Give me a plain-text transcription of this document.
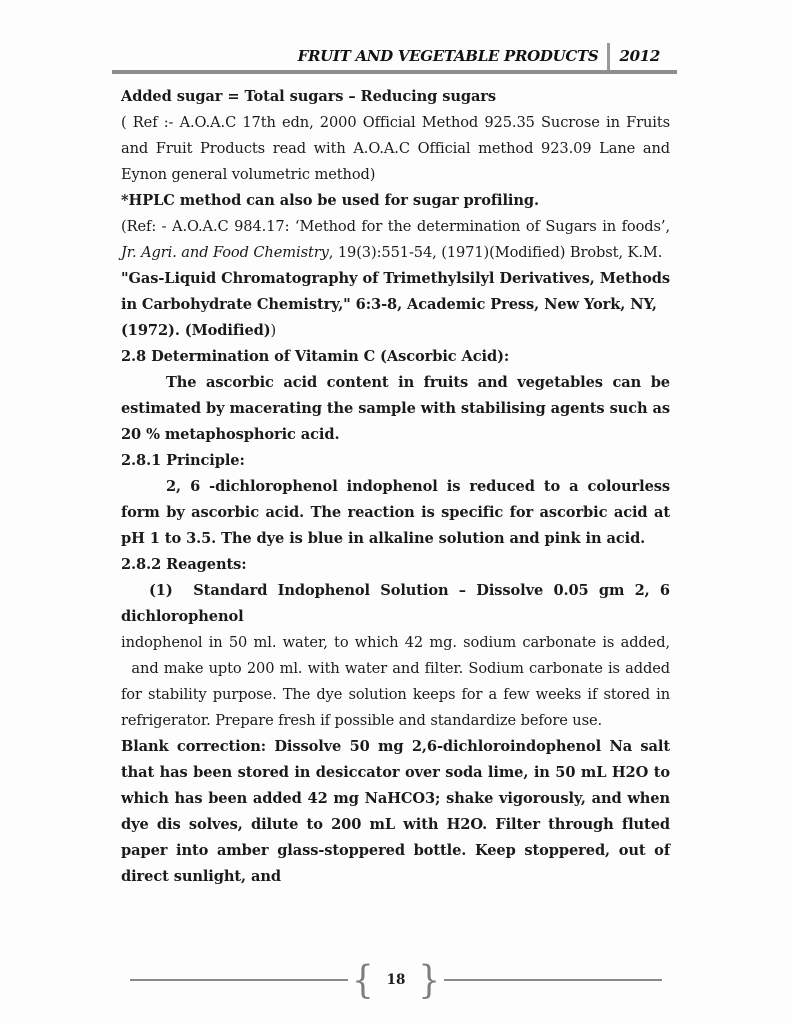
FRUIT AND VEGETABLE PRODUCTS 2012

Added sugar = Total sugars – Reducing sugars

( Ref :- A.O.A.C 17th edn, 2000 Official Method 925.35 Sucrose in Fruits and Fruit Products read with A.O.A.C Official method 923.09 Lane and Eynon general volumetric method)

*HPLC method can also be used for sugar profiling.

(Ref: - A.O.A.C 984.17: ‘Method for the determination of Sugars in foods’, Jr. Agri. and Food Chemistry, 19(3):551-54, (1971)(Modified) Brobst, K.M.

"Gas-Liquid Chromatography of Trimethylsilyl Derivatives, Methods in Carbohydrate Chemistry," 6:3-8, Academic Press, New York, NY,

(1972). (Modified))

2.8 Determination of Vitamin C (Ascorbic Acid):

The ascorbic acid content in fruits and vegetables can be estimated by macerating the sample with stabilising agents such as 20 % metaphosphoric acid.

2.8.1 Principle:

2, 6 -dichlorophenol indophenol is reduced to a colourless form by ascorbic acid. The reaction is specific for ascorbic acid at pH 1 to 3.5. The dye is blue in alkaline solution and pink in acid.

2.8.2 Reagents:

(1)  Standard Indophenol Solution – Dissolve 0.05 gm 2, 6 dichlorophenol

indophenol in 50 ml. water, to which 42 mg. sodium carbonate is added,   and make upto 200 ml. with water and filter. Sodium carbonate is added for stability purpose. The dye solution keeps for a few weeks if stored in refrigerator. Prepare fresh if possible and standardize before use.

Blank correction: Dissolve 50 mg 2,6-dichloroindophenol Na salt that has been stored in desiccator over soda lime, in 50 mL H2O to which has been added 42 mg NaHCO3; shake vigorously, and when dye dis solves, dilute to 200 mL with H2O. Filter through fluted paper into amber glass-stoppered bottle. Keep stoppered, out of direct sunlight, and

{ 18 }
